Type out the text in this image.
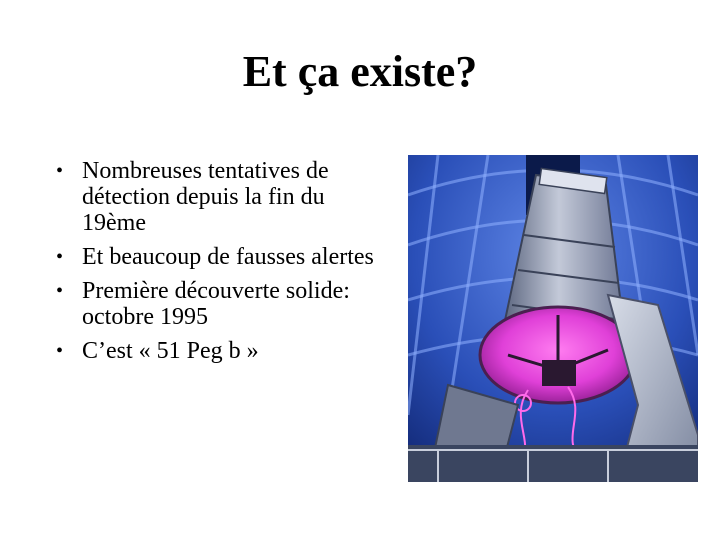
Et ça existe?
• Nombreuses tentatives de détection depuis la fin du 19ème
• Et beaucoup de fausses alertes
• Première découverte solide: octobre 1995
• C’est « 51 Peg b »
